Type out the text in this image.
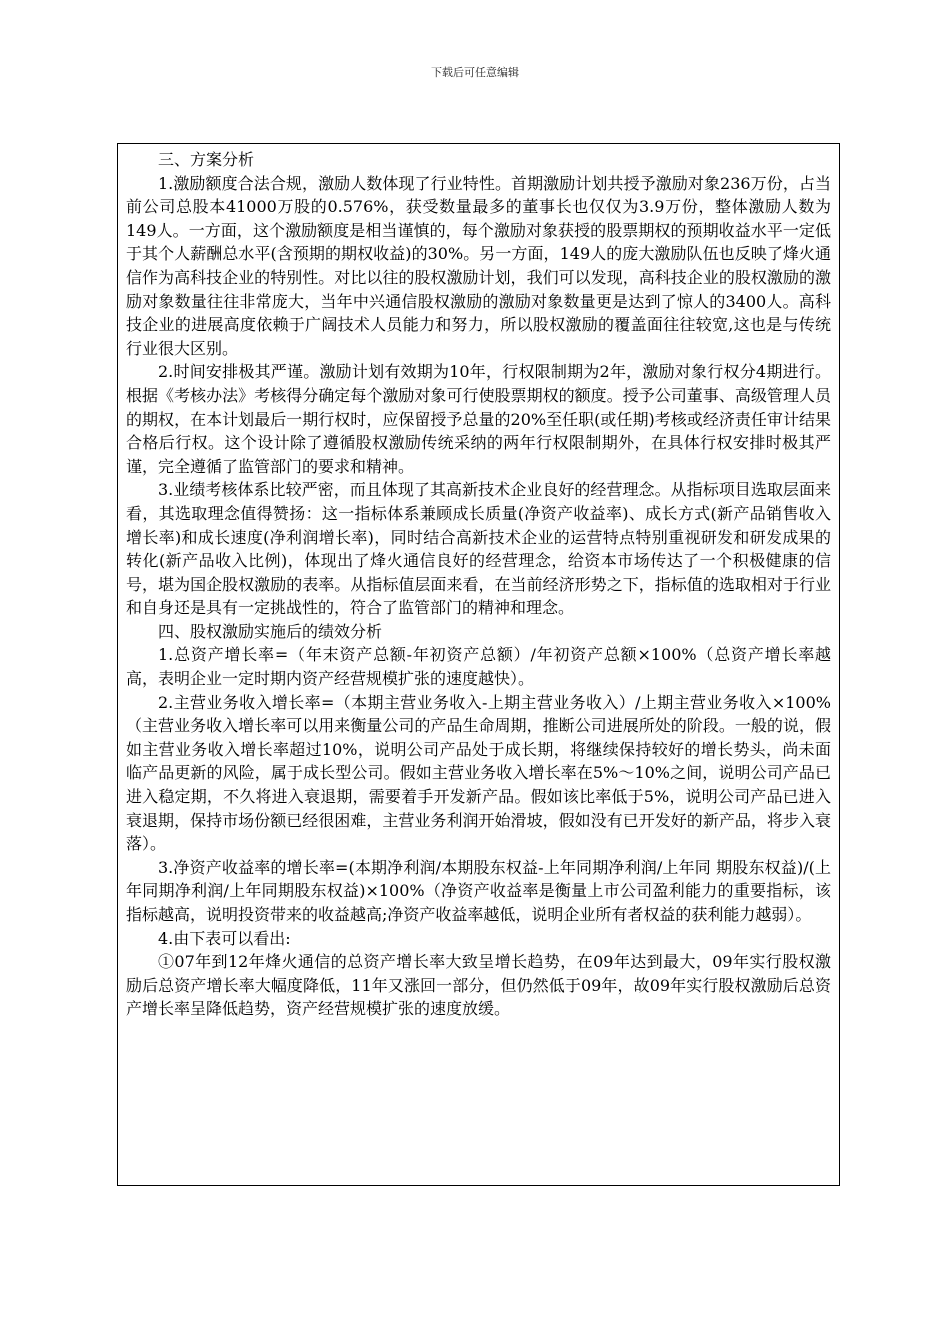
下载后可任意编辑

三、方案分析

1.激励额度合法合规，激励人数体现了行业特性。首期激励计划共授予激励对象236万份，占当前公司总股本41000万股的0.576%，获受数量最多的董事长也仅仅为3.9万份，整体激励人数为149人。一方面，这个激励额度是相当谨慎的，每个激励对象获授的股票期权的预期收益水平一定低于其个人薪酬总水平(含预期的期权收益)的30%。另一方面，149人的庞大激励队伍也反映了烽火通信作为高科技企业的特别性。对比以往的股权激励计划，我们可以发现，高科技企业的股权激励的激励对象数量往往非常庞大，当年中兴通信股权激励的激励对象数量更是达到了惊人的3400人。高科技企业的进展高度依赖于广阔技术人员能力和努力，所以股权激励的覆盖面往往较宽,这也是与传统行业很大区别。

2.时间安排极其严谨。激励计划有效期为10年，行权限制期为2年，激励对象行权分4期进行。根据《考核办法》考核得分确定每个激励对象可行使股票期权的额度。授予公司董事、高级管理人员的期权，在本计划最后一期行权时，应保留授予总量的20%至任职(或任期)考核或经济责任审计结果合格后行权。这个设计除了遵循股权激励传统采纳的两年行权限制期外，在具体行权安排时极其严谨，完全遵循了监管部门的要求和精神。

3.业绩考核体系比较严密，而且体现了其高新技术企业良好的经营理念。从指标项目选取层面来看，其选取理念值得赞扬：这一指标体系兼顾成长质量(净资产收益率)、成长方式(新产品销售收入增长率)和成长速度(净利润增长率)，同时结合高新技术企业的运营特点特别重视研发和研发成果的转化(新产品收入比例)，体现出了烽火通信良好的经营理念，给资本市场传达了一个积极健康的信号，堪为国企股权激励的表率。从指标值层面来看，在当前经济形势之下，指标值的选取相对于行业和自身还是具有一定挑战性的，符合了监管部门的精神和理念。

四、股权激励实施后的绩效分析

1.总资产增长率=（年末资产总额-年初资产总额）/年初资产总额×100%（总资产增长率越高，表明企业一定时期内资产经营规模扩张的速度越快）。

2.主营业务收入增长率=（本期主营业务收入-上期主营业务收入）/上期主营业务收入×100%（主营业务收入增长率可以用来衡量公司的产品生命周期，推断公司进展所处的阶段。一般的说，假如主营业务收入增长率超过10%，说明公司产品处于成长期，将继续保持较好的增长势头，尚未面临产品更新的风险，属于成长型公司。假如主营业务收入增长率在5%～10%之间，说明公司产品已进入稳定期，不久将进入衰退期，需要着手开发新产品。假如该比率低于5%，说明公司产品已进入衰退期，保持市场份额已经很困难，主营业务利润开始滑坡，假如没有已开发好的新产品，将步入衰落）。

3.净资产收益率的增长率=(本期净利润/本期股东权益-上年同期净利润/上年同 期股东权益)/(上年同期净利润/上年同期股东权益)×100%（净资产收益率是衡量上市公司盈利能力的重要指标，该指标越高，说明投资带来的收益越高;净资产收益率越低，说明企业所有者权益的获利能力越弱）。

4.由下表可以看出:

①07年到12年烽火通信的总资产增长率大致呈增长趋势，在09年达到最大，09年实行股权激励后总资产增长率大幅度降低，11年又涨回一部分，但仍然低于09年，故09年实行股权激励后总资产增长率呈降低趋势，资产经营规模扩张的速度放缓。
